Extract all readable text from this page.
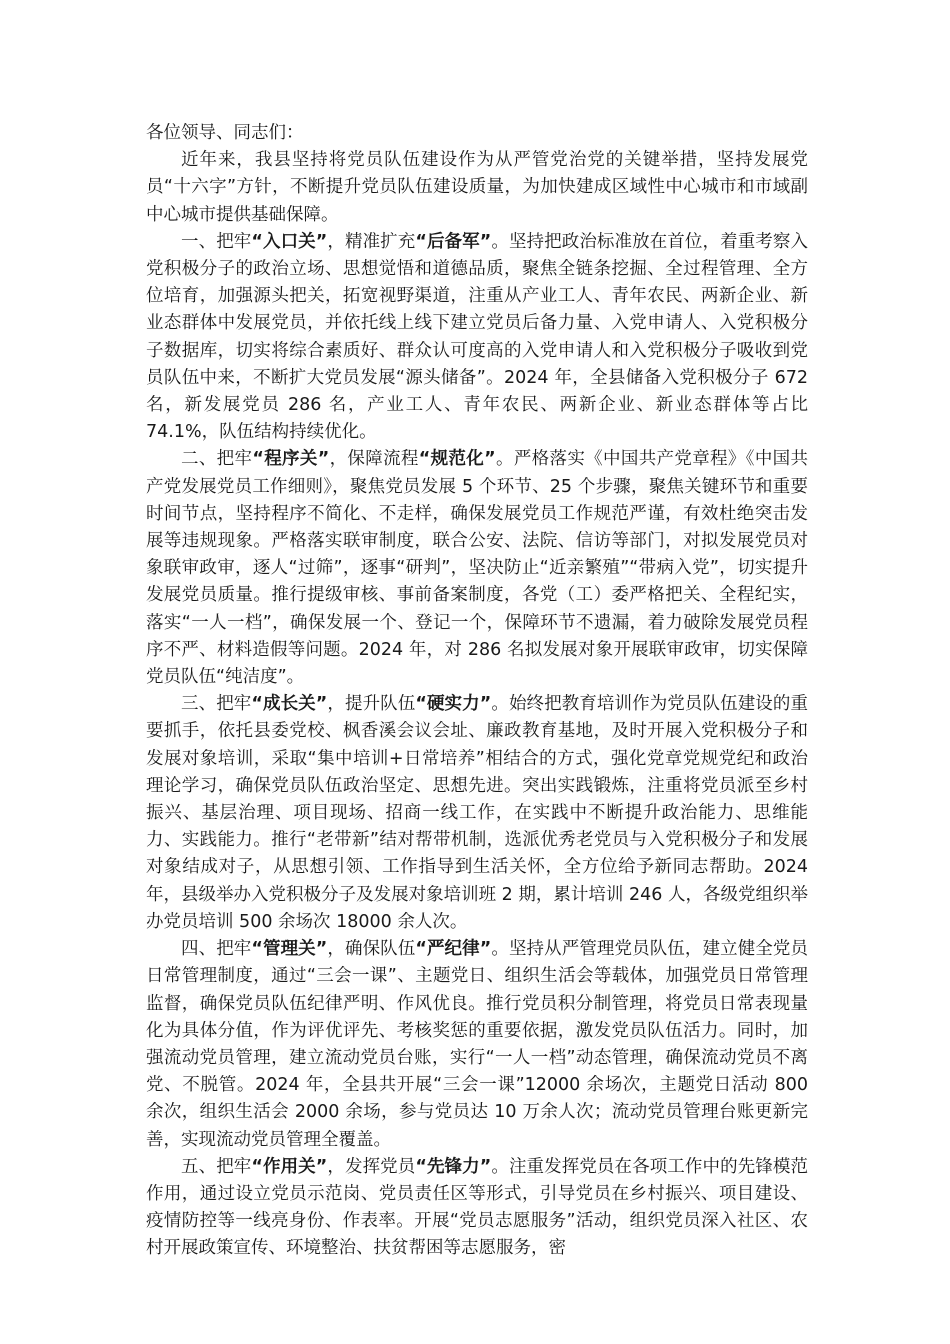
各位领导、同志们：

近年来，我县坚持将党员队伍建设作为从严管党治党的关键举措，坚持发展党员“十六字”方针，不断提升党员队伍建设质量，为加快建成区域性中心城市和市域副中心城市提供基础保障。

一、把牢“入口关”，精准扩充“后备军”。坚持把政治标准放在首位，着重考察入党积极分子的政治立场、思想觉悟和道德品质，聚焦全链条挖掘、全过程管理、全方位培育，加强源头把关，拓宽视野渠道，注重从产业工人、青年农民、两新企业、新业态群体中发展党员，并依托线上线下建立党员后备力量、入党申请人、入党积极分子数据库，切实将综合素质好、群众认可度高的入党申请人和入党积极分子吸收到党员队伍中来，不断扩大党员发展“源头储备”。2024 年，全县储备入党积极分子 672 名，新发展党员 286 名，产业工人、青年农民、两新企业、新业态群体等占比 74.1%，队伍结构持续优化。

二、把牢“程序关”，保障流程“规范化”。严格落实《中国共产党章程》《中国共产党发展党员工作细则》，聚焦党员发展 5 个环节、25 个步骤，聚焦关键环节和重要时间节点，坚持程序不简化、不走样，确保发展党员工作规范严谨，有效杜绝突击发展等违规现象。严格落实联审制度，联合公安、法院、信访等部门，对拟发展党员对象联审政审，逐人“过筛”，逐事“研判”，坚决防止“近亲繁殖”“带病入党”，切实提升发展党员质量。推行提级审核、事前备案制度，各党（工）委严格把关、全程纪实，落实“一人一档”，确保发展一个、登记一个，保障环节不遗漏，着力破除发展党员程序不严、材料造假等问题。2024 年，对 286 名拟发展对象开展联审政审，切实保障党员队伍“纯洁度”。

三、把牢“成长关”，提升队伍“硬实力”。始终把教育培训作为党员队伍建设的重要抓手，依托县委党校、枫香溪会议会址、廉政教育基地，及时开展入党积极分子和发展对象培训，采取“集中培训+日常培养”相结合的方式，强化党章党规党纪和政治理论学习，确保党员队伍政治坚定、思想先进。突出实践锻炼，注重将党员派至乡村振兴、基层治理、项目现场、招商一线工作，在实践中不断提升政治能力、思维能力、实践能力。推行“老带新”结对帮带机制，选派优秀老党员与入党积极分子和发展对象结成对子，从思想引领、工作指导到生活关怀，全方位给予新同志帮助。2024 年，县级举办入党积极分子及发展对象培训班 2 期，累计培训 246 人，各级党组织举办党员培训 500 余场次 18000 余人次。

四、把牢“管理关”，确保队伍“严纪律”。坚持从严管理党员队伍，建立健全党员日常管理制度，通过“三会一课”、主题党日、组织生活会等载体，加强党员日常管理监督，确保党员队伍纪律严明、作风优良。推行党员积分制管理，将党员日常表现量化为具体分值，作为评优评先、考核奖惩的重要依据，激发党员队伍活力。同时，加强流动党员管理，建立流动党员台账，实行“一人一档”动态管理，确保流动党员不离党、不脱管。2024 年，全县共开展“三会一课”12000 余场次，主题党日活动 800 余次，组织生活会 2000 余场，参与党员达 10 万余人次；流动党员管理台账更新完善，实现流动党员管理全覆盖。

五、把牢“作用关”，发挥党员“先锋力”。注重发挥党员在各项工作中的先锋模范作用，通过设立党员示范岗、党员责任区等形式，引导党员在乡村振兴、项目建设、疫情防控等一线亮身份、作表率。开展“党员志愿服务”活动，组织党员深入社区、农村开展政策宣传、环境整治、扶贫帮困等志愿服务，密
